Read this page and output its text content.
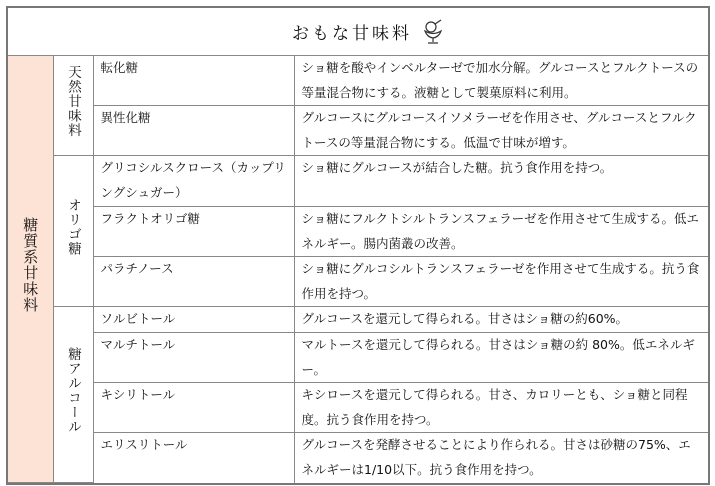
おもな甘味料
糖質系甘味料	天然甘味料	転化糖	ショ糖を酸やインベルターゼで加水分解。グルコースとフルクトースの等量混合物にする。液糖として製菓原料に利用。
		異性化糖	グルコースにグルコースイソメラーゼを作用させ、グルコースとフルクトースの等量混合物にする。低温で甘味が増す。
	オリゴ糖	グリコシルスクロース（カップリングシュガー）	ショ糖にグルコースが結合した糖。抗う食作用を持つ。
		フラクトオリゴ糖	ショ糖にフルクトシルトランスフェラーゼを作用させて生成する。低エネルギー。腸内菌叢の改善。
		パラチノース	ショ糖にグルコシルトランスフェラーゼを作用させて生成する。抗う食作用を持つ。
	糖アルコール	ソルビトール	グルコースを還元して得られる。甘さはショ糖の約60%。
		マルチトール	マルトースを還元して得られる。甘さはショ糖の約 80%。低エネルギー。
		キシリトール	キシロースを還元して得られる。甘さ、カロリーとも、ショ糖と同程度。抗う食作用を持つ。
		エリスリトール	グルコースを発酵させることにより作られる。甘さは砂糖の75%、エネルギーは1/10以下。抗う食作用を持つ。
